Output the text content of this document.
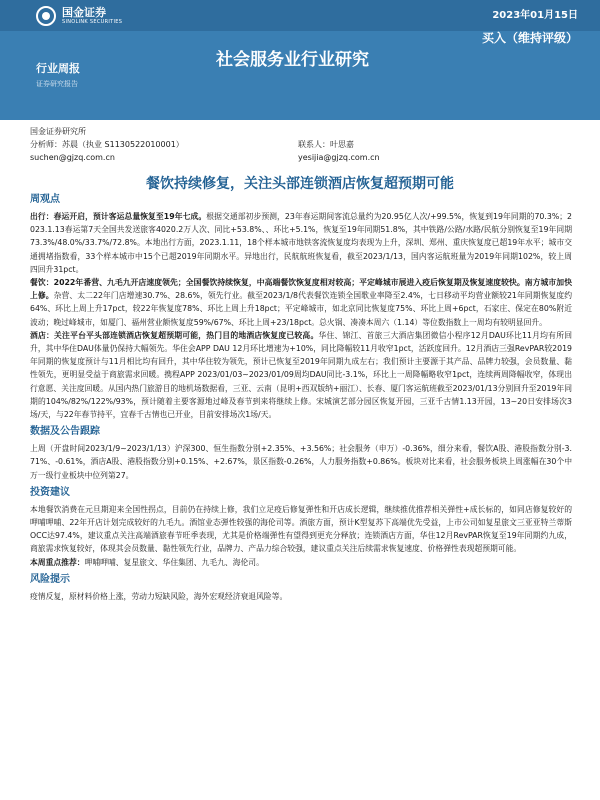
国金证券
SINOLINK SECURITIES
2023年01月15日
买入（维持评级）
行业周报
证券研究报告
社会服务业行业研究
国金证券研究所
分析师：苏晨（执业 S1130522010001）
suchen@gjzq.com.cn
联系人：叶思嘉
yesijia@gjzq.com.cn
餐饮持续修复，关注头部连锁酒店恢复超预期可能
周观点

出行：春运开启，预计客运总量恢复至19年七成。根据交通部初步预测，23年春运期间客流总量约为20.95亿人次/+99.5%，恢复到19年同期的70.3%；2023.1.13春运第7天全国共发送旅客4020.2万人次、同比+53.8%、、环比+5.1%，恢复至19年同期51.8%，其中铁路/公路/水路/民航分别恢复至19年同期73.3%/48.0%/33.7%/72.8%。本地出行方面，2023.1.11，18个样本城市地铁客流恢复度均表现为上升，深圳、郑州、重庆恢复度已超19年水平；城市交通拥堵指数看，33个样本城市中15个已超2019年同期水平。异地出行，民航航班恢复看，截至2023/1/13，国内客运航班量为2019年同期102%，较上周四回升31pct。

餐饮：2022年番营、九毛九开店速度领先；全国餐饮持续恢复，中高端餐饮恢复度相对较高；平定峰城市展进入疫后恢复期及恢复速度较快。南方城市加快上修。杂营、太二22年门店增速30.7%、28.6%，领先行业。截至2023/1/8代表餐饮连锁全国歌业率降至2.4%，七日移动平均营业额较21年同期恢复度约64%、环比上周上升17pct，较22年恢复度78%、环比上周上升18pct；平定峰城市，如北京同比恢复度75%、环比上周+6pct，石家庄、保定在80%附近波动；晚过峰城市，如厦门、福州营业额恢复度59%/67%、环比上周+23/18pct。总火锅、凑凑本周六（1.14）等位数指数上一周均有较明显回升。

酒店：关注平台平头部连锁酒店恢复超预期可能，热门目的地酒店恢复度已较高。华住、锦江、首旅三大酒店集团微信小程序12月DAU环比11月均有所回升，其中华住DAU体量仍保持大幅领先。华住会APP DAU 12月环比增速为+10%，同比降幅较11月收窄1pct，活跃度回升。12月酒店三强RevPAR较2019年同期的恢复度预计与11月相比均有回升，其中华住较为领先，预计已恢复至2019年同期九成左右；我们预计主要源于其产品、品牌力较强，会员数量、黏性领先，更明显受益于商旅需求回暖。携程APP 2023/01/03~2023/01/09周均DAU同比-3.1%，环比上一周降幅略收窄1pct，连续两周降幅收窄，体现出行意愿、关注度回暖。从国内热门旅游目的地机场数据看，三亚、云南（昆明+西双版纳+丽江）、长春、厦门客运航班截至2023/01/13分别回升至2019年同期的104%/82%/122%/93%，预计随着主要客源地过峰及春节到来将继续上修。宋城演艺部分园区恢复开园，三亚千古情1.13开园，13~20日安排场次3场/天，与22年春节持平，宜春千古情也已开业，目前安排场次1场/天。

数据及公告跟踪

上周（开盘时间2023/1/9~2023/1/13）沪深300、恒生指数分别+2.35%、+3.56%；社会服务（申万）-0.36%，细分来看，餐饮A股、港股指数分别-3.71%、-0.61%，酒店A股、港股指数分别+0.15%、+2.67%，景区指数-0.26%，人力服务指数+0.86%。板块对比来看，社会服务板块上周涨幅在30个中万一级行业板块中位列第27。

投资建议

本地餐饮消费在元旦期迎来全国性拐点，目前仍在持续上修，我们立足疫后修复弹性和开店成长逻辑，继续推优推荐相关弹性+成长标的，如同店修复较好的呷哺呷哺、22年开店计划完成较好的九毛九。酒馆业态弹性较强的海伦司等。酒旅方面，预计K型复苏下高端优先受益，上市公司如复星旅文三亚亚特兰蒂斯OCC达97.4%，建议重点关注高端酒旅春节旺季表现，尤其是价格端弹性有望得到更充分释放；连锁酒店方面，华住12月RevPAR恢复至19年同期约九成，商旅需求恢复较好，体现其会员数量、黏性领先行业，品牌力、产品力综合较强，建议重点关注后续需求恢复速度、价格弹性表现超预期可能。

本周重点推荐：呷哺呷哺、复星旅文、华住集团、九毛九、海伦司。

风险提示

疫情反复，原材料价格上涨，劳动力短缺风险，海外宏观经济衰退风险等。
